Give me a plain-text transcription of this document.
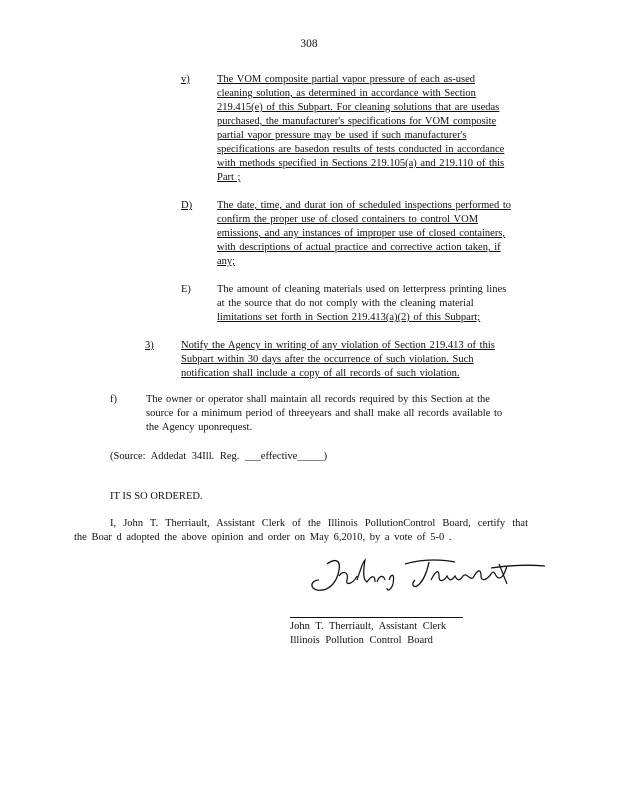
308
v)	The VOM composite partial vapor pressure of each as-used
cleaning solution, as determined in accordance with Section
219.415(e) of this Subpart. For cleaning solutions that are usedas
purchased, the manufacturer's specifications for VOM composite
partial vapor pressure may be used if such manufacturer's
specifications are basedon results of tests conducted in accordance
with methods specified in Sections 219.105(a) and 219.110 of this
Part ;
D)	The date, time, and durat ion of scheduled inspections performed to
confirm the proper use of closed containers to control VOM
emissions, and any instances of improper use of closed containers,
with descriptions of actual practice and corrective action taken, if
any;
E)	The amount of cleaning materials used on letterpress printing lines
at the source that do not comply with the cleaning material
limitations set forth in Section 219.413(a)(2) of this Subpart;
3)	Notify the Agency in writing of any violation of Section 219.413 of this
Subpart within 30 days after the occurrence of such violation. Such
notification shall include a copy of all records of such violation.
f)	The owner or operator shall maintain all records required by this Section at the
source for a minimum period of threeyears and shall make all records available to
the Agency uponrequest.
(Source: Addedat 34Ill. Reg. ___effective_____)
IT IS SO ORDERED.
I, John T. Therriault, Assistant Clerk of the Illinois PollutionControl Board, certify that
the Boar d adopted the above opinion and order on May 6,2010, by a vote of 5-0 .
John T. Therriault, Assistant Clerk
Illinois Pollution Control Board
